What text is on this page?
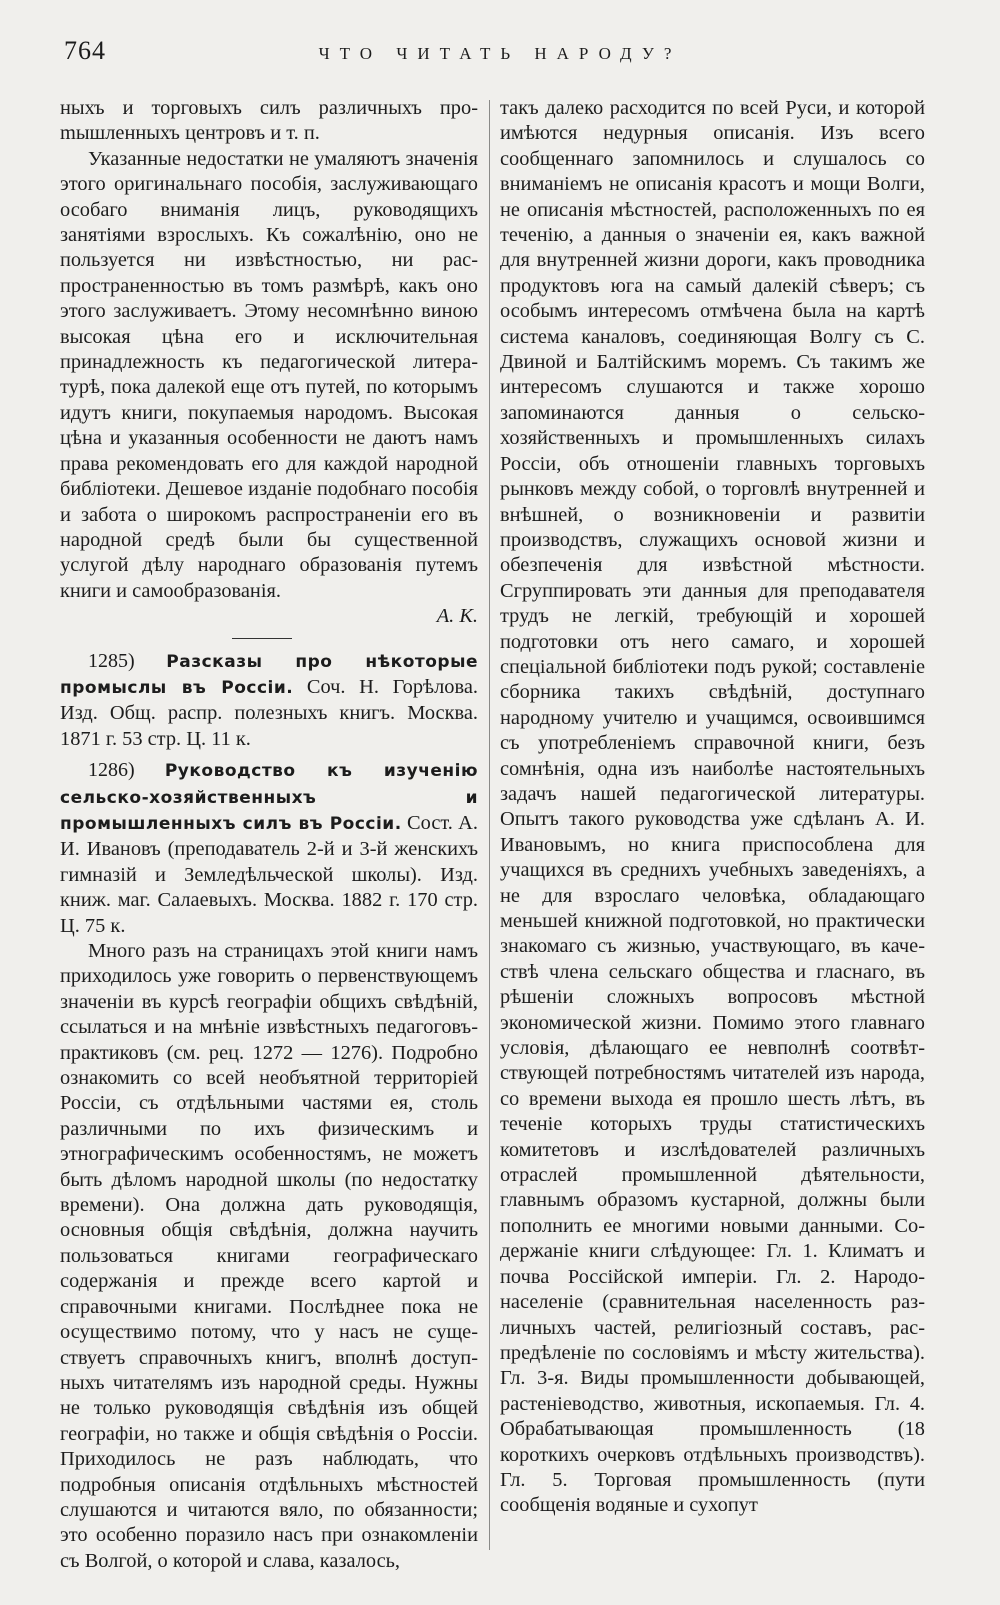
764	ЧТО ЧИТАТЬ НАРОДУ?

ныхъ и торговыхъ силъ различныхъ проmышленныхъ центровъ и т. п.

Указанные недостатки не умаляютъ значенія этого оригинальнаго пособія, заслуживающаго особаго вниманія лицъ, руководящихъ занятіями взрослыхъ. Къ сожалѣнію, оно не пользуется ни извѣстностью, ни распространенностью въ томъ размѣрѣ, какъ оно этого заслуживаетъ. Этому несомнѣнно виною высокая цѣна его и исключительная принадлежность къ педагогической литературѣ, пока далекой еще отъ путей, по которымъ идутъ книги, покупаемыя народомъ. Высокая цѣна и указанныя особенности не даютъ намъ права рекомендовать его для каждой народной библіотеки. Дешевое изданіе подобнаго пособія и забота о широкомъ распространеніи его въ народной средѣ были бы существенной услугой дѣлу народнаго образованія путемъ книги и самообразованія.

А. К.

1285) Разсказы про нѣкоторые промыслы въ Россіи. Соч. Н. Горѣлова. Изд. Общ. распр. полезныхъ книгъ. Москва. 1871 г. 53 стр. Ц. 11 к.

1286) Руководство къ изученію сельско-хозяйственныхъ и промышленныхъ силъ въ Россіи. Сост. А. И. Ивановъ (преподаватель 2-й и 3-й женскихъ гимназій и Земледѣльческой школы). Изд. книж. маг. Салаевыхъ. Москва. 1882 г. 170 стр. Ц. 75 к.

Много разъ на страницахъ этой книги намъ приходилось уже говорить о первенствующемъ значеніи въ курсѣ географіи общихъ свѣдѣній, ссылаться и на мнѣніе извѣстныхъ педагоговъ-практиковъ (см. рец. 1272 — 1276). Подробно ознакомить со всей необъятной территоріей Россіи, съ отдѣльными частями ея, столь различными по ихъ физическимъ и этнографическимъ особенностямъ, не можетъ быть дѣломъ народной школы (по недостатку времени). Она должна дать руководящія, основныя общія свѣдѣнія, должна научить пользоваться книгами географическаго содержанія и прежде всего картой и справочными книгами. Послѣднее пока не осуществимо потому, что у насъ не существуетъ справочныхъ книгъ, вполнѣ доступныхъ читателямъ изъ народной среды. Нужны не только руководящія свѣдѣнія изъ общей географіи, но также и общія свѣдѣнія о Россіи. Приходилось не разъ наблюдать, что подробныя описанія отдѣльныхъ мѣстностей слушаются и читаются вяло, по обязанности; это особенно поразило насъ при ознакомленіи съ Волгой, о которой и слава, казалось,

такъ далеко расходится по всей Руси, и которой имѣются недурныя описанія. Изъ всего сообщеннаго запомнилось и слушалось со вниманіемъ не описанія красотъ и мощи Волги, не описанія мѣстностей, расположенныхъ по ея теченію, а данныя о значеніи ея, какъ важной для внутренней жизни дороги, какъ проводника продуктовъ юга на самый далекій сѣверъ; съ особымъ интересомъ отмѣчена была на картѣ система каналовъ, соединяющая Волгу съ С. Двиной и Балтійскимъ моремъ. Съ такимъ же интересомъ слушаются и также хорошо запоминаются данныя о сельско-хозяйственныхъ и промышленныхъ силахъ Россіи, объ отношеніи главныхъ торговыхъ рынковъ между собой, о торговлѣ внутренней и внѣшней, о возникновеніи и развитіи производствъ, служащихъ основой жизни и обезпеченія для извѣстной мѣстности. Сгруппировать эти данныя для преподавателя трудъ не легкій, требующій и хорошей подготовки отъ него самаго, и хорошей спеціальной библіотеки подъ рукой; составленіе сборника такихъ свѣдѣній, доступнаго народному учителю и учащимся, освоившимся съ употребленіемъ справочной книги, безъ сомнѣнія, одна изъ наиболѣе настоятельныхъ задачъ нашей педагогической литературы. Опытъ такого руководства уже сдѣланъ А. И. Ивановымъ, но книга приспособлена для учащихся въ среднихъ учебныхъ заведеніяхъ, а не для взрослаго человѣка, обладающаго меньшей книжной подготовкой, но практически знакомаго съ жизнью, участвующаго, въ качествѣ члена сельскаго общества и гласнаго, въ рѣшеніи сложныхъ вопросовъ мѣстной экономической жизни. Помимо этого главнаго условія, дѣлающаго ее невполнѣ соотвѣтствующей потребностямъ читателей изъ народа, со времени выхода ея прошло шесть лѣтъ, въ теченіе которыхъ труды статистическихъ комитетовъ и изслѣдователей различныхъ отраслей промышленной дѣятельности, главнымъ образомъ кустарной, должны были пополнить ее многими новыми данными. Содержаніе книги слѣдующее: Гл. 1. Климатъ и почва Россійской имперіи. Гл. 2. Народонаселеніе (сравнительная населенность различныхъ частей, религіозный составъ, распредѣленіе по сословіямъ и мѣсту жительства). Гл. 3-я. Виды промышленности добывающей, растеніеводство, животныя, ископаемыя. Гл. 4. Обрабатывающая промышленность (18 короткихъ очерковъ отдѣльныхъ производствъ). Гл. 5. Торговая промышленность (пути сообщенія водяные и сухопут
